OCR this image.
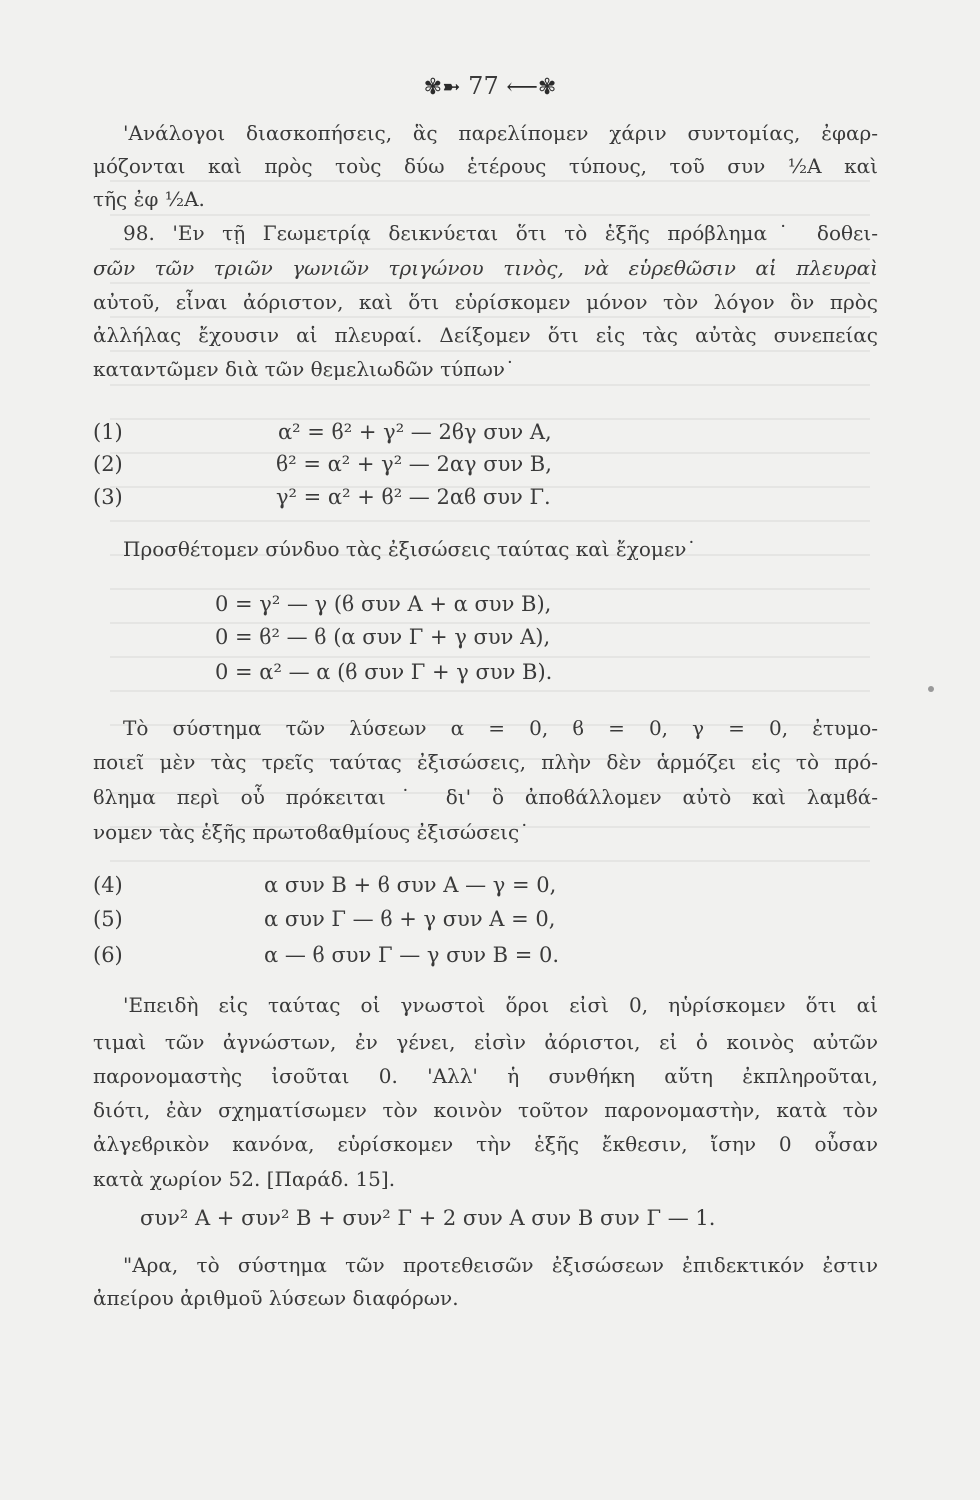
✾➼ 77 ⟵✾
'Ανάλογοι διασκοπήσεις, ἃς παρελίπομεν χάριν συντομίας, ἐφαρ-
μόζονται καὶ πρὸς τοὺς δύω ἑτέρους τύπους, τοῦ συν ½Α καὶ
τῆς ἐφ ½Α.
98. 'Εν τῇ Γεωμετρίᾳ δεικνύεται ὅτι τὸ ἑξῆς πρόβλημα˙ δοθει-
σῶν τῶν τριῶν γωνιῶν τριγώνου τινὸς, νὰ εὑρεθῶσιν αἱ πλευραὶ
αὐτοῦ, εἶναι ἀόριστον, καὶ ὅτι εὑρίσκομεν μόνον τὸν λόγον ὃν πρὸς
ἀλλήλας ἔχουσιν αἱ πλευραί. Δείξομεν ὅτι εἰς τὰς αὐτὰς συνεπείας
καταντῶμεν διὰ τῶν θεμελιωδῶν τύπων˙
(1)	α² = ϐ² + γ² — 2ϐγ συν Α,
(2)	ϐ² = α² + γ² — 2αγ συν Β,
(3)	γ² = α² + ϐ² — 2αϐ συν Γ.
Προσθέτομεν σύνδυο τὰς ἐξισώσεις ταύτας καὶ ἔχομεν˙
0 = γ² — γ (ϐ συν Α + α συν Β),
0 = ϐ² — ϐ (α συν Γ + γ συν Α),
0 = α² — α (ϐ συν Γ + γ συν Β).
Τὸ σύστημα τῶν λύσεων α = 0, ϐ = 0, γ = 0, ἐτυμο-
ποιεῖ μὲν τὰς τρεῖς ταύτας ἐξισώσεις, πλὴν δὲν ἁρμόζει εἰς τὸ πρό-
ϐλημα περὶ οὗ πρόκειται˙ δι' ὃ ἀποϐάλλομεν αὐτὸ καὶ λαμϐά-
νομεν τὰς ἑξῆς πρωτοϐαθμίους ἐξισώσεις˙
(4)	α συν Β + ϐ συν Α — γ = 0,
(5)	α συν Γ — ϐ + γ συν Α = 0,
(6)	α — ϐ συν Γ — γ συν Β = 0.
'Επειδὴ εἰς ταύτας οἱ γνωστοὶ ὅροι εἰσὶ 0, ηὑρίσκομεν ὅτι αἱ
τιμαὶ τῶν ἀγνώστων, ἐν γένει, εἰσὶν ἀόριστοι, εἰ ὁ κοινὸς αὐτῶν
παρονομαστὴς ἰσοῦται 0. 'Αλλ' ἡ συνθήκη αὕτη ἐκπληροῦται,
διότι, ἐὰν σχηματίσωμεν τὸν κοινὸν τοῦτον παρονομαστὴν, κατὰ τὸν
ἀλγεϐρικὸν κανόνα, εὑρίσκομεν τὴν ἑξῆς ἔκθεσιν, ἴσην 0 οὖσαν
κατὰ χωρίον 52. [Παράδ. 15].
συν² Α + συν² Β + συν² Γ + 2 συν Α συν Β συν Γ — 1.
"Αρα, τὸ σύστημα τῶν προτεθεισῶν ἐξισώσεων ἐπιδεκτικόν ἐστιν
ἀπείρου ἀριθμοῦ λύσεων διαφόρων.
